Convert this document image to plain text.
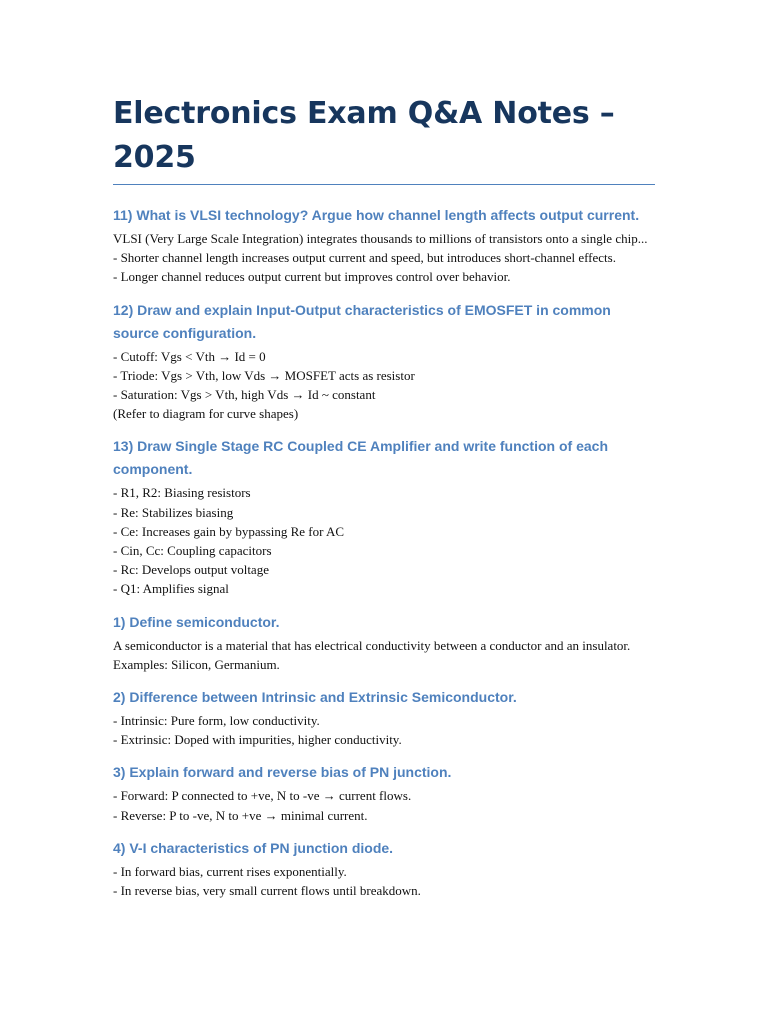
Electronics Exam Q&A Notes – 2025
11) What is VLSI technology? Argue how channel length affects output current.

VLSI (Very Large Scale Integration) integrates thousands to millions of transistors onto a single chip...

- Shorter channel length increases output current and speed, but introduces short-channel effects.

- Longer channel reduces output current but improves control over behavior.

12) Draw and explain Input-Output characteristics of EMOSFET in common source configuration.

- Cutoff: Vgs < Vth → Id = 0

- Triode: Vgs > Vth, low Vds → MOSFET acts as resistor

- Saturation: Vgs > Vth, high Vds → Id ~ constant

(Refer to diagram for curve shapes)

13) Draw Single Stage RC Coupled CE Amplifier and write function of each component.

- R1, R2: Biasing resistors

- Re: Stabilizes biasing

- Ce: Increases gain by bypassing Re for AC

- Cin, Cc: Coupling capacitors

- Rc: Develops output voltage

- Q1: Amplifies signal

1) Define semiconductor.

A semiconductor is a material that has electrical conductivity between a conductor and an insulator. Examples: Silicon, Germanium.

2) Difference between Intrinsic and Extrinsic Semiconductor.

- Intrinsic: Pure form, low conductivity.

- Extrinsic: Doped with impurities, higher conductivity.

3) Explain forward and reverse bias of PN junction.

- Forward: P connected to +ve, N to -ve → current flows.

- Reverse: P to -ve, N to +ve → minimal current.

4) V-I characteristics of PN junction diode.

- In forward bias, current rises exponentially.

- In reverse bias, very small current flows until breakdown.
